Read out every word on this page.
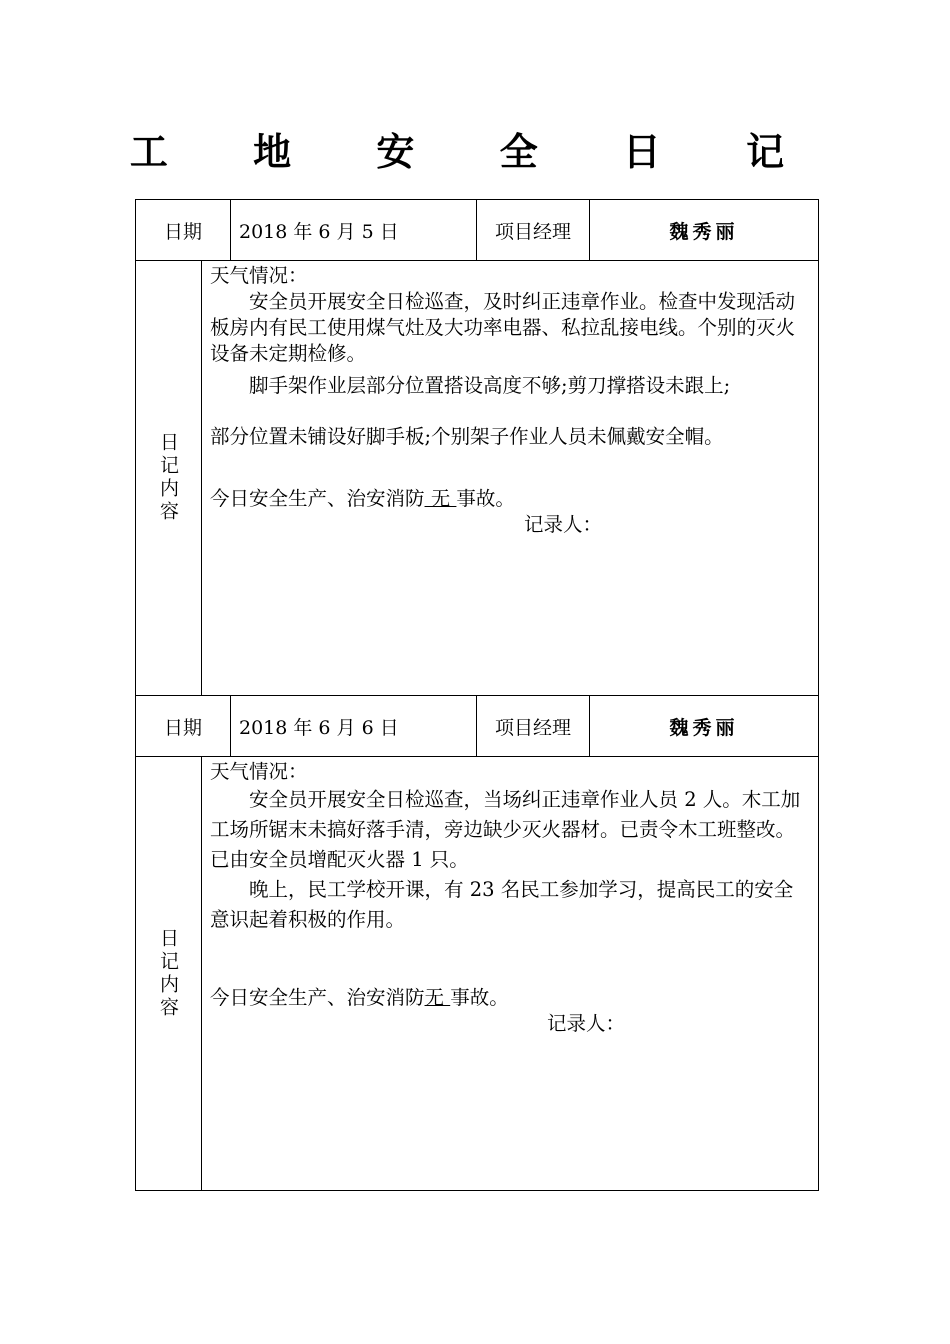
工 地 安 全 日 记
日期	2018 年 6 月 5 日	项目经理	魏秀丽
日记内容

天气情况：

安全员开展安全日检巡查，及时纠正违章作业。检查中发现活动板房内有民工使用煤气灶及大功率电器、私拉乱接电线。个别的灭火设备未定期检修。

脚手架作业层部分位置搭设高度不够;剪刀撑搭设未跟上;

部分位置未铺设好脚手板;个别架子作业人员未佩戴安全帽。

今日安全生产、治安消防 无 事故。

记录人：

日期	2018 年 6 月 6 日	项目经理	魏秀丽
日记内容

天气情况：

安全员开展安全日检巡查，当场纠正违章作业人员 2 人。木工加工场所锯末未搞好落手清，旁边缺少灭火器材。已责令木工班整改。已由安全员增配灭火器 1 只。

晚上，民工学校开课，有 23 名民工参加学习，提高民工的安全意识起着积极的作用。

今日安全生产、治安消防无 事故。

记录人：
